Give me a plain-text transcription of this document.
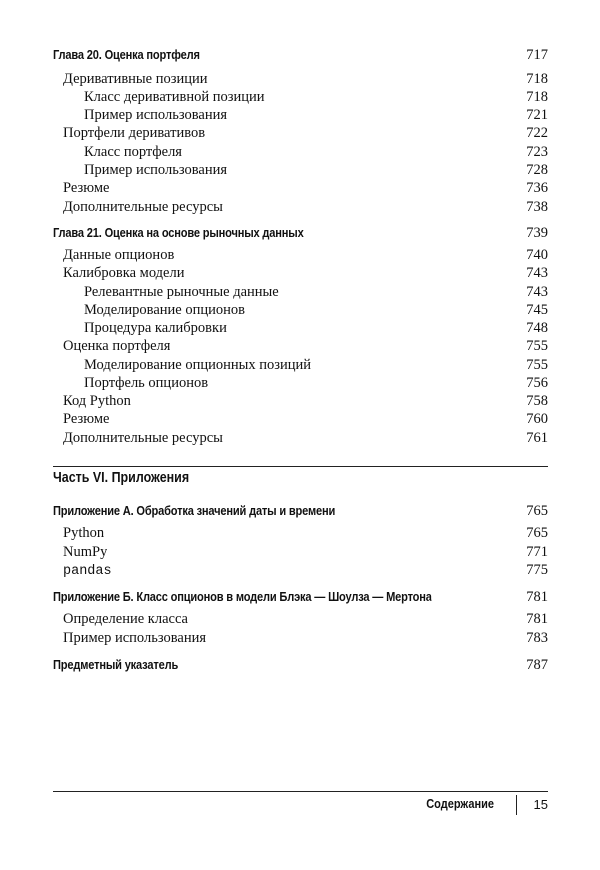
Глава 20. Оценка портфеля	717
Деривативные позиции	718
Класс деривативной позиции	718
Пример использования	721
Портфели деривативов	722
Класс портфеля	723
Пример использования	728
Резюме	736
Дополнительные ресурсы	738
Глава 21. Оценка на основе рыночных данных	739
Данные опционов	740
Калибровка модели	743
Релевантные рыночные данные	743
Моделирование опционов	745
Процедура калибровки	748
Оценка портфеля	755
Моделирование опционных позиций	755
Портфель опционов	756
Код Python	758
Резюме	760
Дополнительные ресурсы	761
Приложение А. Обработка значений даты и времени	765
Python	765
NumPy	771
pandas	775
Приложение Б. Класс опционов в модели Блэка — Шоулза — Мертона	781
Определение класса	781
Пример использования	783
Предметный указатель	787
Часть VI. Приложения
Содержание	15
